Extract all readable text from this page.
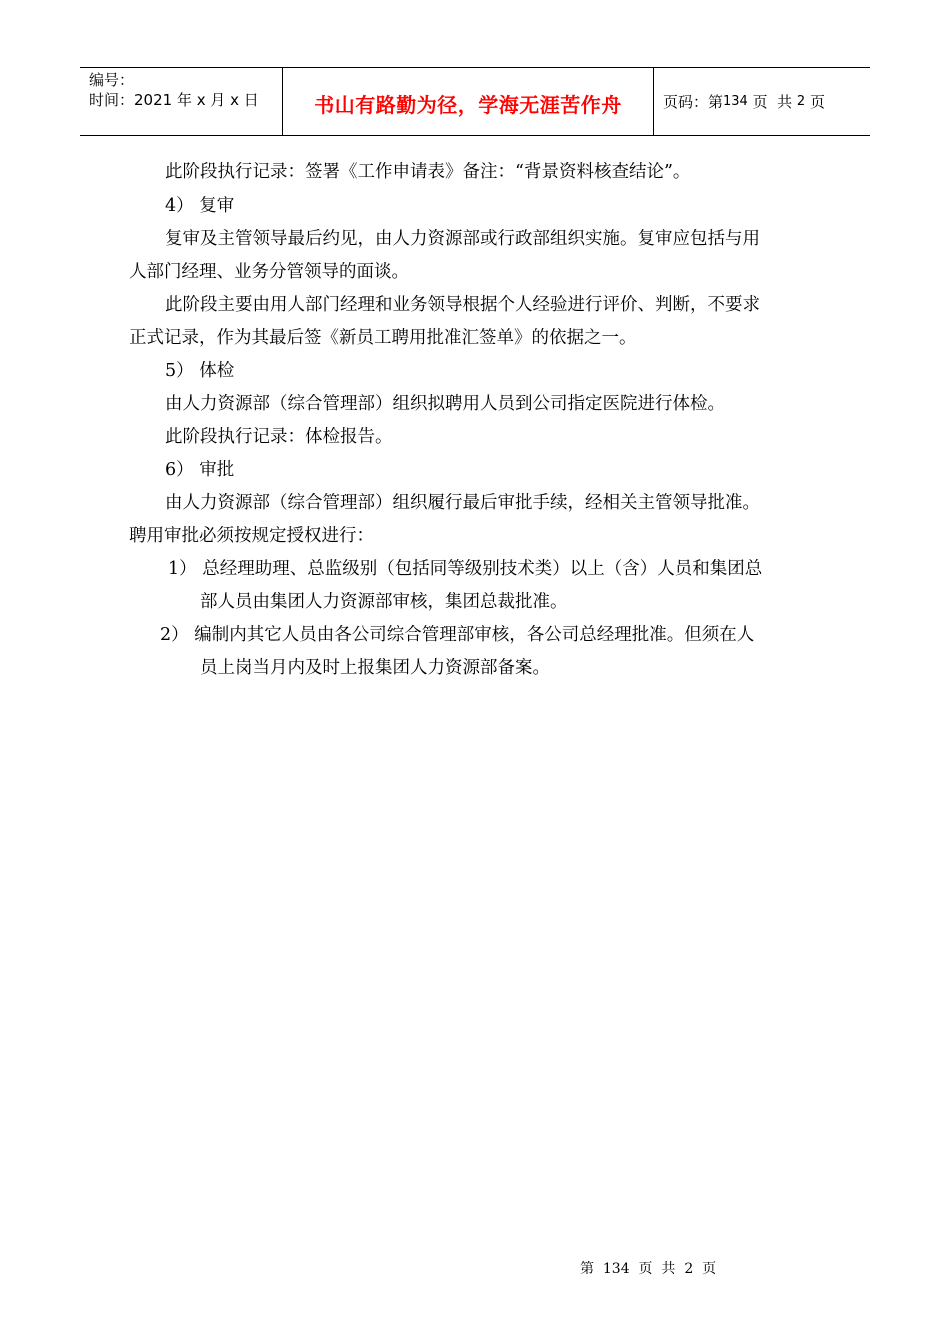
编号：
时间：2021 年 x 月 x 日	书山有路勤为径，学海无涯苦作舟	页码：第 134 页  共 2 页
此阶段执行记录：签署《工作申请表》备注：“背景资料核查结论”。
4） 复审
复审及主管领导最后约见，由人力资源部或行政部组织实施。复审应包括与用
人部门经理、业务分管领导的面谈。
此阶段主要由用人部门经理和业务领导根据个人经验进行评价、判断，不要求
正式记录，作为其最后签《新员工聘用批准汇签单》的依据之一。
5） 体检
由人力资源部（综合管理部）组织拟聘用人员到公司指定医院进行体检。
此阶段执行记录：体检报告。
6） 审批
由人力资源部（综合管理部）组织履行最后审批手续，经相关主管领导批准。
聘用审批必须按规定授权进行：
1） 总经理助理、总监级别（包括同等级别技术类）以上（含）人员和集团总
部人员由集团人力资源部审核，集团总裁批准。
2） 编制内其它人员由各公司综合管理部审核，各公司总经理批准。但须在人
员上岗当月内及时上报集团人力资源部备案。
第  134  页  共  2  页
